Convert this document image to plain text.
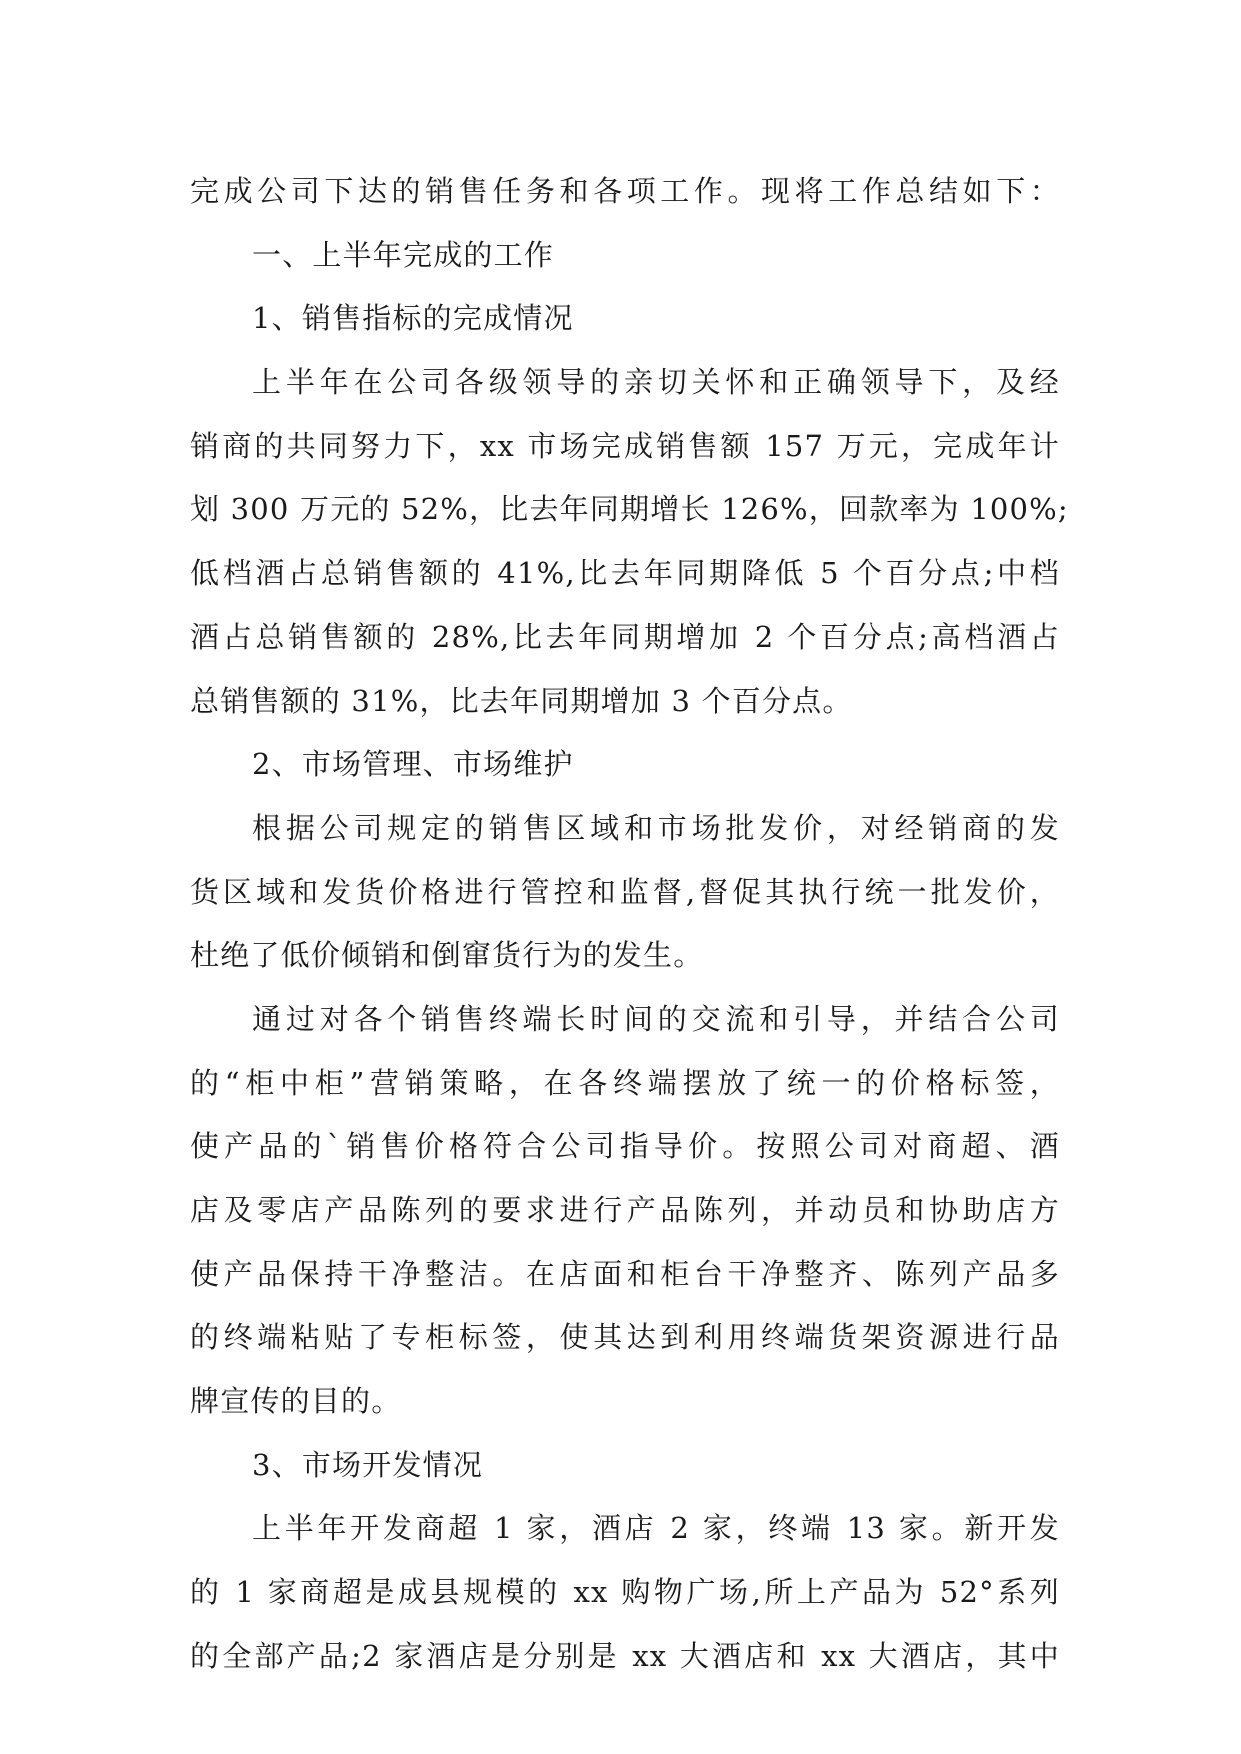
完成公司下达的销售任务和各项工作。现将工作总结如下：
一、上半年完成的工作
1、销售指标的完成情况
上半年在公司各级领导的亲切关怀和正确领导下，及经
销商的共同努力下，xx 市场完成销售额 157 万元，完成年计
划 300 万元的 52%，比去年同期增长 126%，回款率为 100%;
低档酒占总销售额的 41%,比去年同期降低 5 个百分点;中档
酒占总销售额的 28%,比去年同期增加 2 个百分点;高档酒占
总销售额的 31%，比去年同期增加 3 个百分点。
2、市场管理、市场维护
根据公司规定的销售区域和市场批发价，对经销商的发
货区域和发货价格进行管控和监督,督促其执行统一批发价，
杜绝了低价倾销和倒窜货行为的发生。
通过对各个销售终端长时间的交流和引导，并结合公司
的“柜中柜”营销策略，在各终端摆放了统一的价格标签，
使产品的`销售价格符合公司指导价。按照公司对商超、酒
店及零店产品陈列的要求进行产品陈列，并动员和协助店方
使产品保持干净整洁。在店面和柜台干净整齐、陈列产品多
的终端粘贴了专柜标签，使其达到利用终端货架资源进行品
牌宣传的目的。
3、市场开发情况
上半年开发商超 1 家，酒店 2 家，终端 13 家。新开发
的 1 家商超是成县规模的 xx 购物广场,所上产品为 52°系列
的全部产品;2 家酒店是分别是 xx 大酒店和 xx 大酒店，其中
